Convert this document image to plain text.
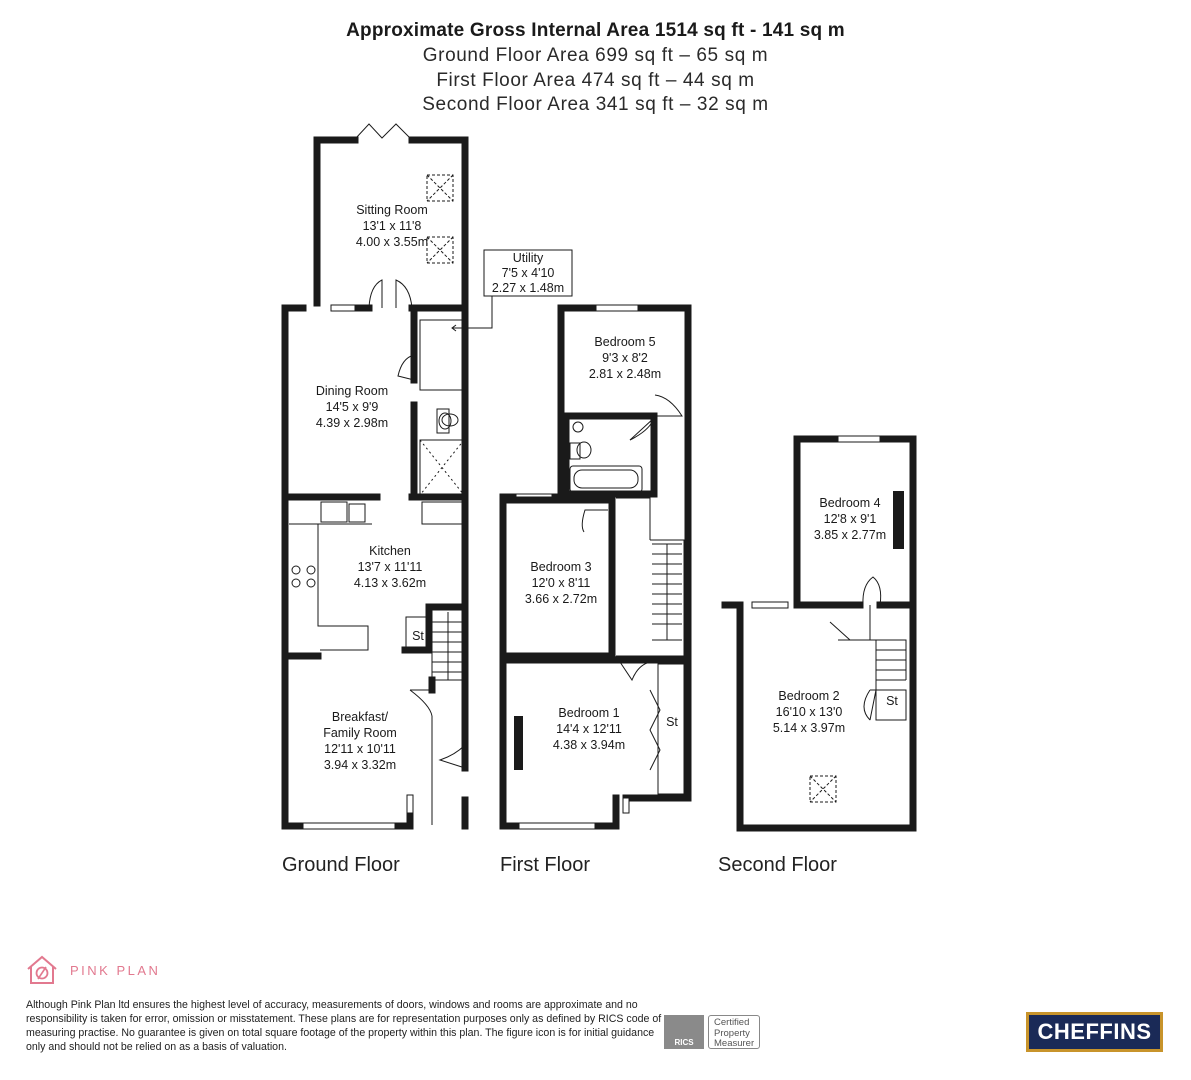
Approximate Gross Internal Area 1514 sq ft - 141 sq m
Ground Floor Area 699 sq ft – 65 sq m
First Floor Area 474 sq ft – 44 sq m
Second Floor Area 341 sq ft – 32 sq m
Sitting Room
13'1 x 11'8
4.00 x 3.55m
Utility
7'5 x 4'10
2.27 x 1.48m
Dining Room
14'5 x 9'9
4.39 x 2.98m
Kitchen
13'7 x 11'11
4.13 x 3.62m
St
Breakfast/
Family Room
12'11 x 10'11
3.94 x 3.32m
Bedroom 5
9'3 x 8'2
2.81 x 2.48m
Bedroom 3
12'0 x 8'11
3.66 x 2.72m
Bedroom 1
14'4 x 12'11
4.38 x 3.94m
St
Bedroom 4
12'8 x 9'1
3.85 x 2.77m
Bedroom 2
16'10 x 13'0
5.14 x 3.97m
St
Ground Floor	First Floor	Second Floor
PINK PLAN
Although Pink Plan ltd ensures the highest level of accuracy, measurements of doors, windows and rooms are approximate and no responsibility is taken for error, omission or misstatement. These plans are for representation purposes only as defined by RICS code of measuring practise. No guarantee is given on total square footage of the property within this plan. The figure icon is for initial guidance only and should not be relied on as a basis of valuation.	RICS
Certified
Property
Measurer	CHEFFINS
